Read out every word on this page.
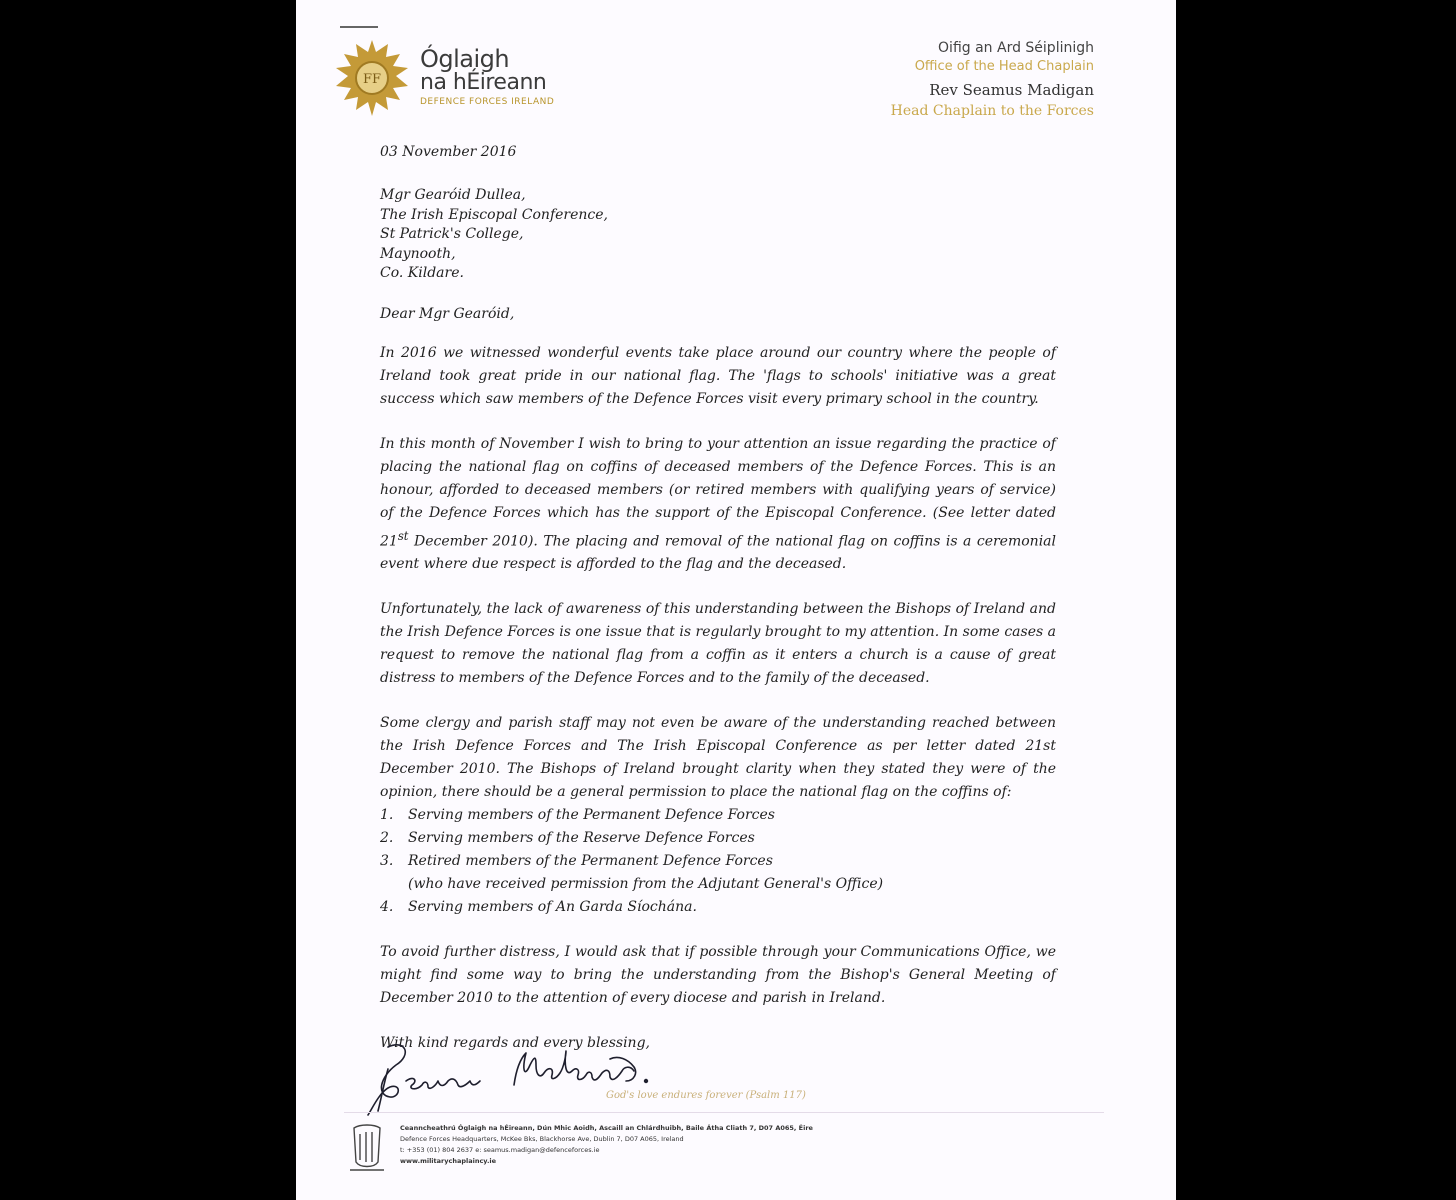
FF
Óglaigh
na hÉireann
DEFENCE FORCES IRELAND
Oifig an Ard Séiplinigh
Office of the Head Chaplain
Rev Seamus Madigan
Head Chaplain to the Forces

03 November 2016

Mgr Gearóid Dullea,

The Irish Episcopal Conference,

St Patrick's College,

Maynooth,

Co. Kildare.

Dear Mgr Gearóid,

In 2016 we witnessed wonderful events take place around our country where the people of Ireland took great pride in our national flag. The 'flags to schools' initiative was a great success which saw members of the Defence Forces visit every primary school in the country.

In this month of November I wish to bring to your attention an issue regarding the practice of placing the national flag on coffins of deceased members of the Defence Forces. This is an honour, afforded to deceased members (or retired members with qualifying years of service) of the Defence Forces which has the support of the Episcopal Conference. (See letter dated 21st December 2010). The placing and removal of the national flag on coffins is a ceremonial event where due respect is afforded to the flag and the deceased.

Unfortunately, the lack of awareness of this understanding between the Bishops of Ireland and the Irish Defence Forces is one issue that is regularly brought to my attention. In some cases a request to remove the national flag from a coffin as it enters a church is a cause of great distress to members of the Defence Forces and to the family of the deceased.

Some clergy and parish staff may not even be aware of the understanding reached between the Irish Defence Forces and The Irish Episcopal Conference as per letter dated 21st December 2010. The Bishops of Ireland brought clarity when they stated they were of the opinion, there should be a general permission to place the national flag on the coffins of:

1.	Serving members of the Permanent Defence Forces
2.	Serving members of the Reserve Defence Forces
3.	Retired members of the Permanent Defence Forces
(who have received permission from the Adjutant General's Office)
4.	Serving members of An Garda Síochána.

To avoid further distress, I would ask that if possible through your Communications Office, we might find some way to bring the understanding from the Bishop's General Meeting of December 2010 to the attention of every diocese and parish in Ireland.

With kind regards and every blessing,

God's love endures forever (Psalm 117)
Ceanncheathrú Óglaigh na hÉireann, Dún Mhic Aoidh, Ascaill an Chlárdhuibh, Baile Átha Cliath 7, D07 A065, Éire
Defence Forces Headquarters, McKee Bks, Blackhorse Ave, Dublin 7, D07 A065, Ireland
t: +353 (01) 804 2637 e: seamus.madigan@defenceforces.ie
www.militarychaplaincy.ie
